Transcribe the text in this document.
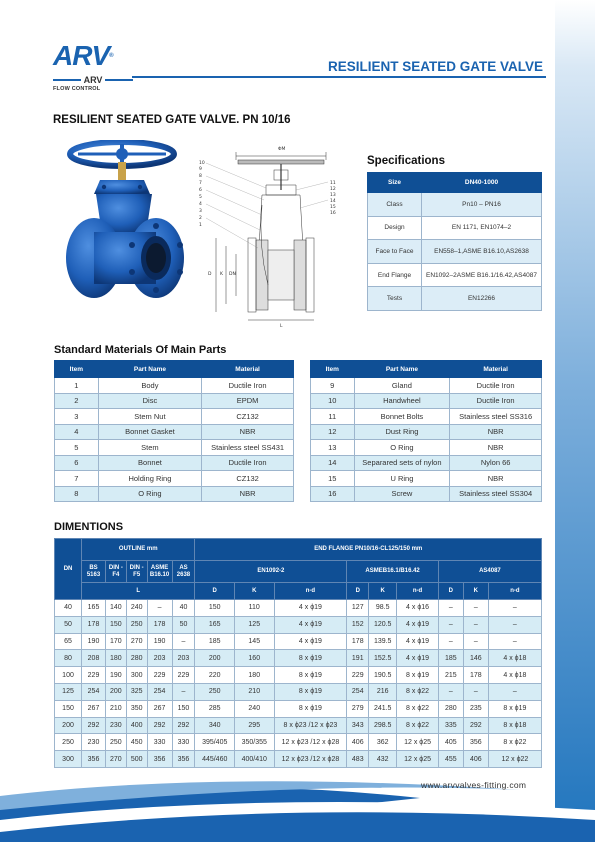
ARV®
ARV
FLOW CONTROL
RESILIENT SEATED GATE VALVE
RESILIENT SEATED GATE VALVE. PN 10/16
ΦM
10
9
8
7
6
5
4
3
2
1
11
12
13
14
15
16
D K DN
L
Specifications
Size	DN40-1000
Class	Pn10 – PN16
Design	EN 1171, EN1074–2
Face to Face	EN558–1,ASME B16.10,AS2638
End Flange	EN1092–2ASME B16.1/16.42,AS4087
Tests	EN12266
Standard Materials Of Main Parts
Item	Part Name	Material
1	Body	Ductile Iron
2	Disc	EPDM
3	Stem Nut	CZ132
4	Bonnet Gasket	NBR
5	Stem	Stainless steel SS431
6	Bonnet	Ductile Iron
7	Holding Ring	CZ132
8	O Ring	NBR
Item	Part Name	Material
9	Gland	Ductile Iron
10	Handwheel	Ductile Iron
11	Bonnet Bolts	Stainless steel SS316
12	Dust Ring	NBR
13	O Ring	NBR
14	Separared sets of nylon	Nylon 66
15	U Ring	NBR
16	Screw	Stainless steel SS304
DIMENTIONS
DN	OUTLINE mm					END FLANGE PN10/16-CL125/150 mm								
	BS 5163	DIN -F4	DIN -F5	ASME B16.10	AS 2638	EN1092-2			ASMEB16.1/B16.42			AS4087		
	L					D	K	n-d	D	K	n-d	D	K	n-d
40	165	140	240	–	40	150	110	4 x ϕ19	127	98.5	4 x ϕ16	–	–	–
50	178	150	250	178	50	165	125	4 x ϕ19	152	120.5	4 x ϕ19	–	–	–
65	190	170	270	190	–	185	145	4 x ϕ19	178	139.5	4 x ϕ19	–	–	–
80	208	180	280	203	203	200	160	8 x ϕ19	191	152.5	4 x ϕ19	185	146	4 x ϕ18
100	229	190	300	229	229	220	180	8 x ϕ19	229	190.5	8 x ϕ19	215	178	4 x ϕ18
125	254	200	325	254	–	250	210	8 x ϕ19	254	216	8 x ϕ22	–	–	–
150	267	210	350	267	150	285	240	8 x ϕ19	279	241.5	8 x ϕ22	280	235	8 x ϕ19
200	292	230	400	292	292	340	295	8 x ϕ23 /12 x ϕ23	343	298.5	8 x ϕ22	335	292	8 x ϕ18
250	230	250	450	330	330	395/405	350/355	12 x ϕ23 /12 x ϕ28	406	362	12 x ϕ25	405	356	8 x ϕ22
300	356	270	500	356	356	445/460	400/410	12 x ϕ23 /12 x ϕ28	483	432	12 x ϕ25	455	406	12 x ϕ22
www.arvvalves-fitting.com
